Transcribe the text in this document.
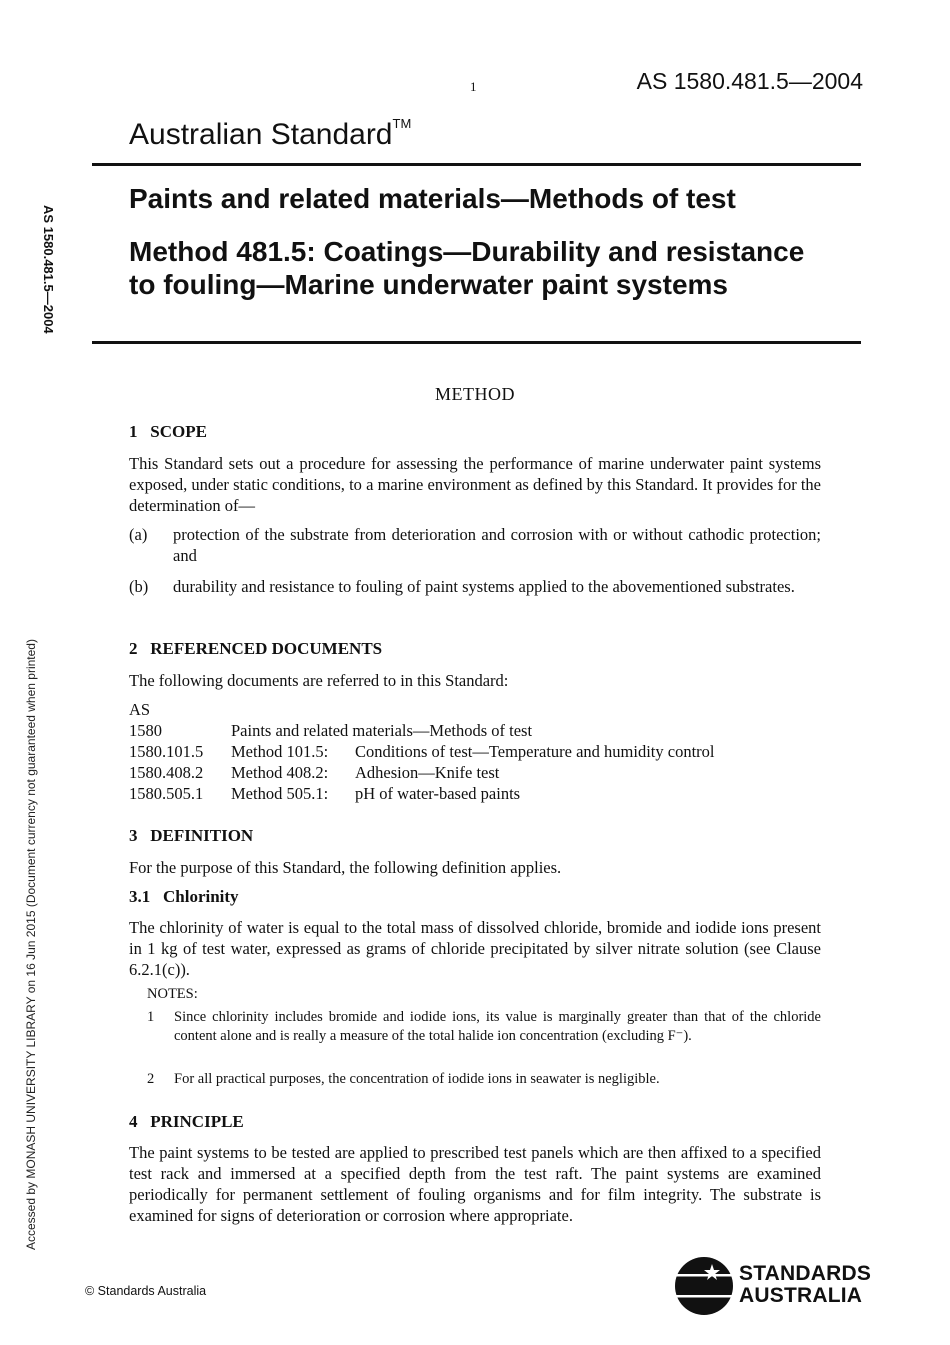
1	AS 1580.481.5—2004
Australian Standard™
Paints and related materials—Methods of test
Method 481.5: Coatings—Durability and resistance to fouling—Marine underwater paint systems
AS 1580.481.5—2004
Accessed by MONASH UNIVERSITY LIBRARY on 16 Jun 2015 (Document currency not guaranteed when printed)
METHOD
1   SCOPE
This Standard sets out a procedure for assessing the performance of marine underwater paint systems exposed, under static conditions, to a marine environment as defined by this Standard. It provides for the determination of—
(a) protection of the substrate from deterioration and corrosion with or without cathodic protection; and
(b) durability and resistance to fouling of paint systems applied to the abovementioned substrates.
2   REFERENCED DOCUMENTS
The following documents are referred to in this Standard:
AS
1580	Paints and related materials—Methods of test	
1580.101.5	Method 101.5:	Conditions of test—Temperature and humidity control
1580.408.2	Method 408.2:	Adhesion—Knife test
1580.505.1	Method 505.1:	pH of water-based paints
3   DEFINITION
For the purpose of this Standard, the following definition applies.
3.1   Chlorinity
The chlorinity of water is equal to the total mass of dissolved chloride, bromide and iodide ions present in 1 kg of test water, expressed as grams of chloride precipitated by silver nitrate solution (see Clause 6.2.1(c)).
NOTES:
1 Since chlorinity includes bromide and iodide ions, its value is marginally greater than that of the chloride content alone and is really a measure of the total halide ion concentration (excluding F⁻).
2 For all practical purposes, the concentration of iodide ions in seawater is negligible.
4   PRINCIPLE
The paint systems to be tested are applied to prescribed test panels which are then affixed to a specified test rack and immersed at a specified depth from the test raft. The paint systems are examined periodically for permanent settlement of fouling organisms and for film integrity. The substrate is examined for signs of deterioration or corrosion where appropriate.
© Standards Australia
STANDARDS
AUSTRALIA
